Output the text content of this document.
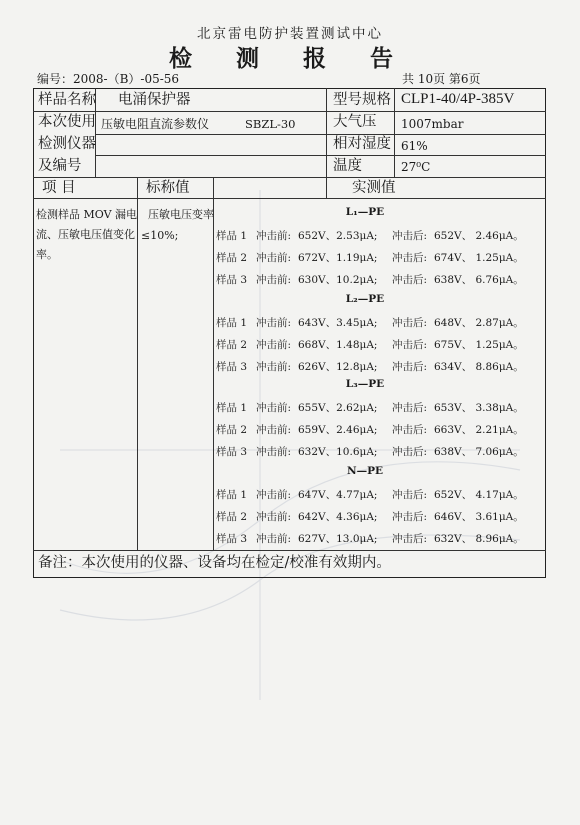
北京雷电防护装置测试中心
检 测 报 告
编号：2008-（B）-05-56	共 10页 第6页
样品名称 电涌保护器	型号规格 CLP1-40/4P-385V
本次使用
检测仪器
及编号
压敏电阻直流参数仪	SBZL-30	大气压 1007mbar
相对湿度 61%
温度	27⁰C
项 目	标称值	实测值
检测样品 MOV 漏电
流、压敏电压值变化
率。
压敏电压变率
≤10%;
L₁—PE
样品 1 冲击前: 652V、2.53μA; 冲击后: 652V、 2.46μA。
样品 2 冲击前: 672V、1.19μA; 冲击后: 674V、 1.25μA。
样品 3 冲击前: 630V、10.2μA; 冲击后: 638V、 6.76μA。
L₂—PE
样品 1 冲击前: 643V、3.45μA; 冲击后: 648V、 2.87μA。
样品 2 冲击前: 668V、1.48μA; 冲击后: 675V、 1.25μA。
样品 3 冲击前: 626V、12.8μA; 冲击后: 634V、 8.86μA。
L₃—PE
样品 1 冲击前: 655V、2.62μA; 冲击后: 653V、 3.38μA。
样品 2 冲击前: 659V、2.46μA; 冲击后: 663V、 2.21μA。
样品 3 冲击前: 632V、10.6μA; 冲击后: 638V、 7.06μA。
N—PE
样品 1 冲击前: 647V、4.77μA; 冲击后: 652V、 4.17μA。
样品 2 冲击前: 642V、4.36μA; 冲击后: 646V、 3.61μA。
样品 3 冲击前: 627V、13.0μA; 冲击后: 632V、 8.96μA。
备注：本次使用的仪器、设备均在检定/校准有效期内。
